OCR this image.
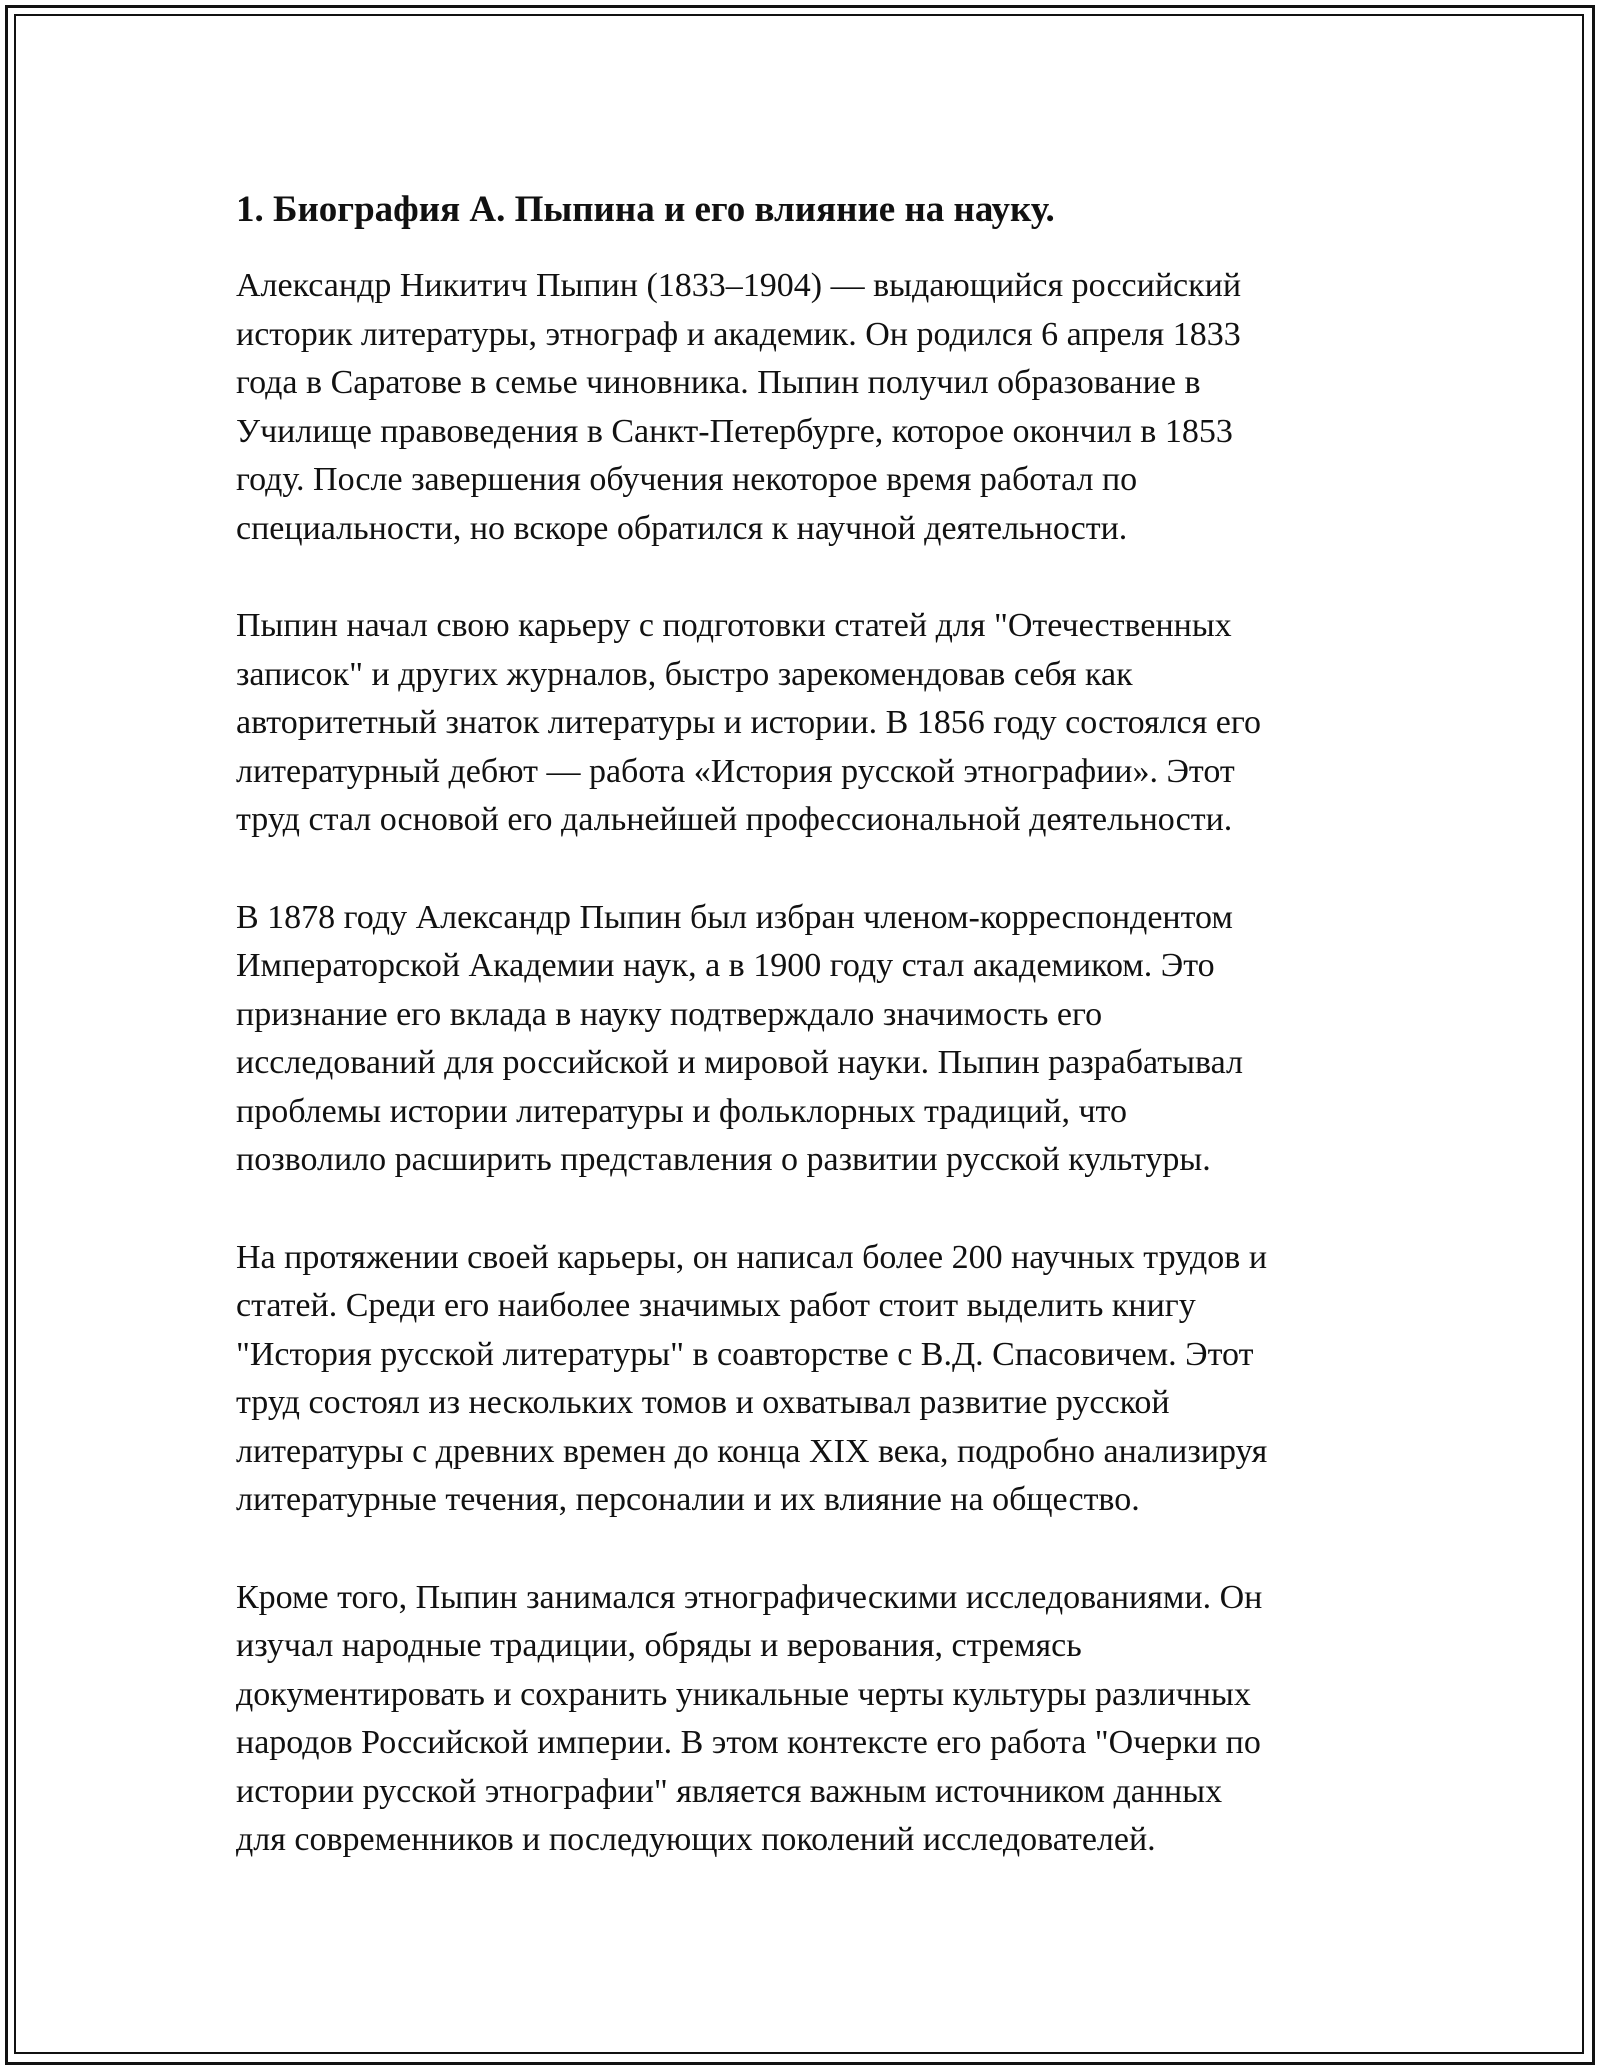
1. Биография А. Пыпина и его влияние на науку.

Александр Никитич Пыпин (1833–1904) — выдающийся российский
историк литературы, этнограф и академик. Он родился 6 апреля 1833
года в Саратове в семье чиновника. Пыпин получил образование в
Училище правоведения в Санкт-Петербурге, которое окончил в 1853
году. После завершения обучения некоторое время работал по
специальности, но вскоре обратился к научной деятельности.

Пыпин начал свою карьеру с подготовки статей для "Отечественных
записок" и других журналов, быстро зарекомендовав себя как
авторитетный знаток литературы и истории. В 1856 году состоялся его
литературный дебют — работа «История русской этнографии». Этот
труд стал основой его дальнейшей профессиональной деятельности.

В 1878 году Александр Пыпин был избран членом-корреспондентом
Императорской Академии наук, а в 1900 году стал академиком. Это
признание его вклада в науку подтверждало значимость его
исследований для российской и мировой науки. Пыпин разрабатывал
проблемы истории литературы и фольклорных традиций, что
позволило расширить представления о развитии русской культуры.

На протяжении своей карьеры, он написал более 200 научных трудов и
статей. Среди его наиболее значимых работ стоит выделить книгу
"История русской литературы" в соавторстве с В.Д. Спасовичем. Этот
труд состоял из нескольких томов и охватывал развитие русской
литературы с древних времен до конца XIX века, подробно анализируя
литературные течения, персоналии и их влияние на общество.

Кроме того, Пыпин занимался этнографическими исследованиями. Он
изучал народные традиции, обряды и верования, стремясь
документировать и сохранить уникальные черты культуры различных
народов Российской империи. В этом контексте его работа "Очерки по
истории русской этнографии" является важным источником данных
для современников и последующих поколений исследователей.
